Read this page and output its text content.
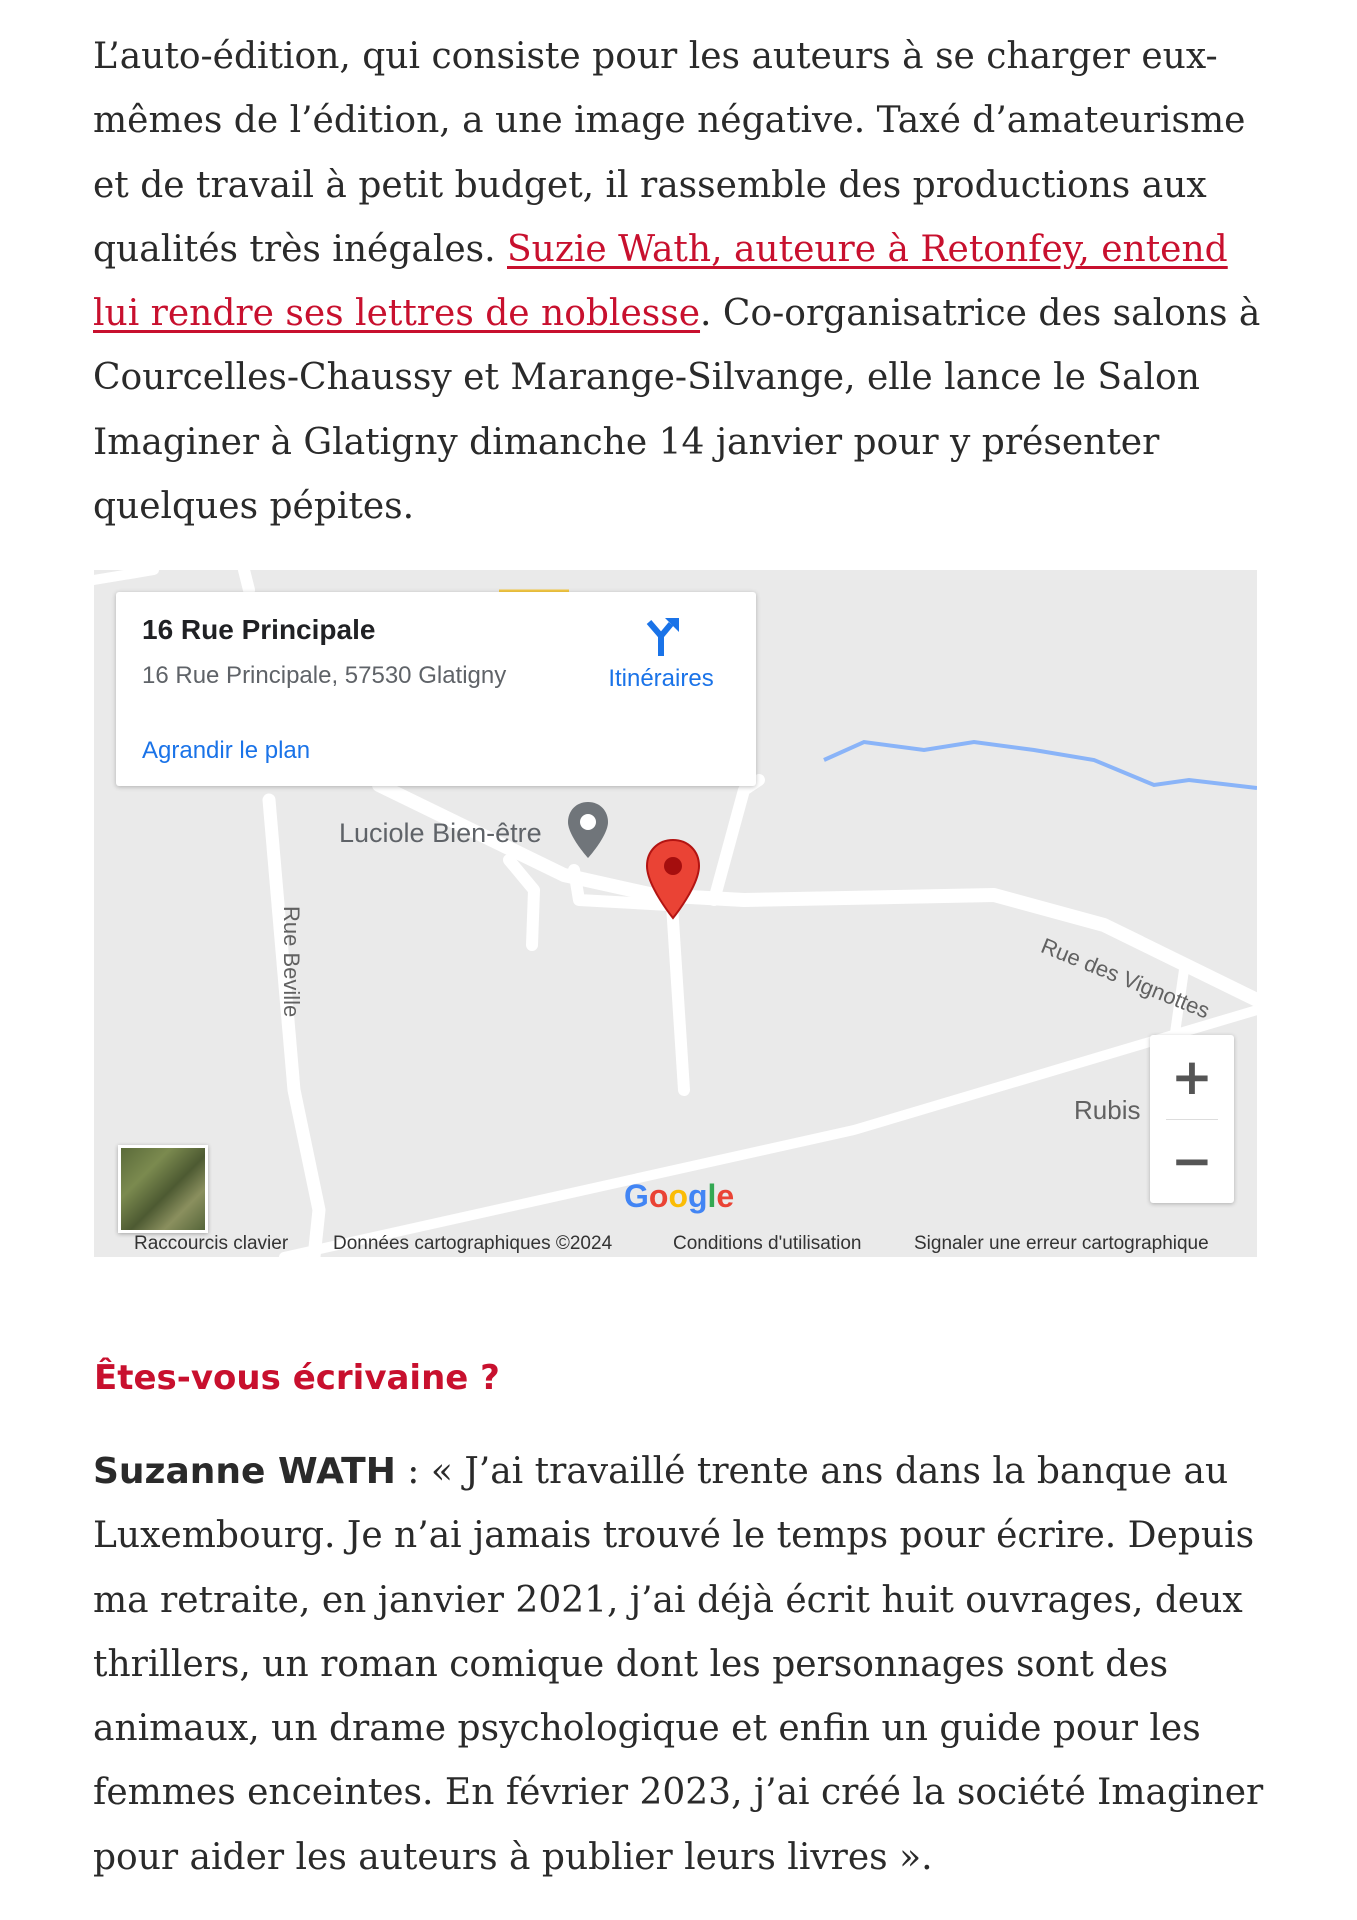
L’auto-édition, qui consiste pour les auteurs à se charger eux-mêmes de l’édition, a une image négative. Taxé d’amateurisme et de travail à petit budget, il rassemble des productions aux qualités très inégales. Suzie Wath, auteure à Retonfey, entend lui rendre ses lettres de noblesse. Co-organisatrice des salons à Courcelles-Chaussy et Marange-Silvange, elle lance le Salon Imaginer à Glatigny dimanche 14 janvier pour y présenter quelques pépites.

16 Rue Principale
16 Rue Principale, 57530 Glatigny
Agrandir le plan
Itinéraires
Luciole Bien-être
Rue Beville	Rue des Vignottes
Rubis
+
−
Google
Raccourcis clavier Données cartographiques ©2024	Conditions d'utilisation	Signaler une erreur cartographique
Êtes-vous écrivaine ?

Suzanne WATH : « J’ai travaillé trente ans dans la banque au Luxembourg. Je n’ai jamais trouvé le temps pour écrire. Depuis ma retraite, en janvier 2021, j’ai déjà écrit huit ouvrages, deux thrillers, un roman comique dont les personnages sont des animaux, un drame psychologique et enfin un guide pour les femmes enceintes. En février 2023, j’ai créé la société Imaginer pour aider les auteurs à publier leurs livres ».
